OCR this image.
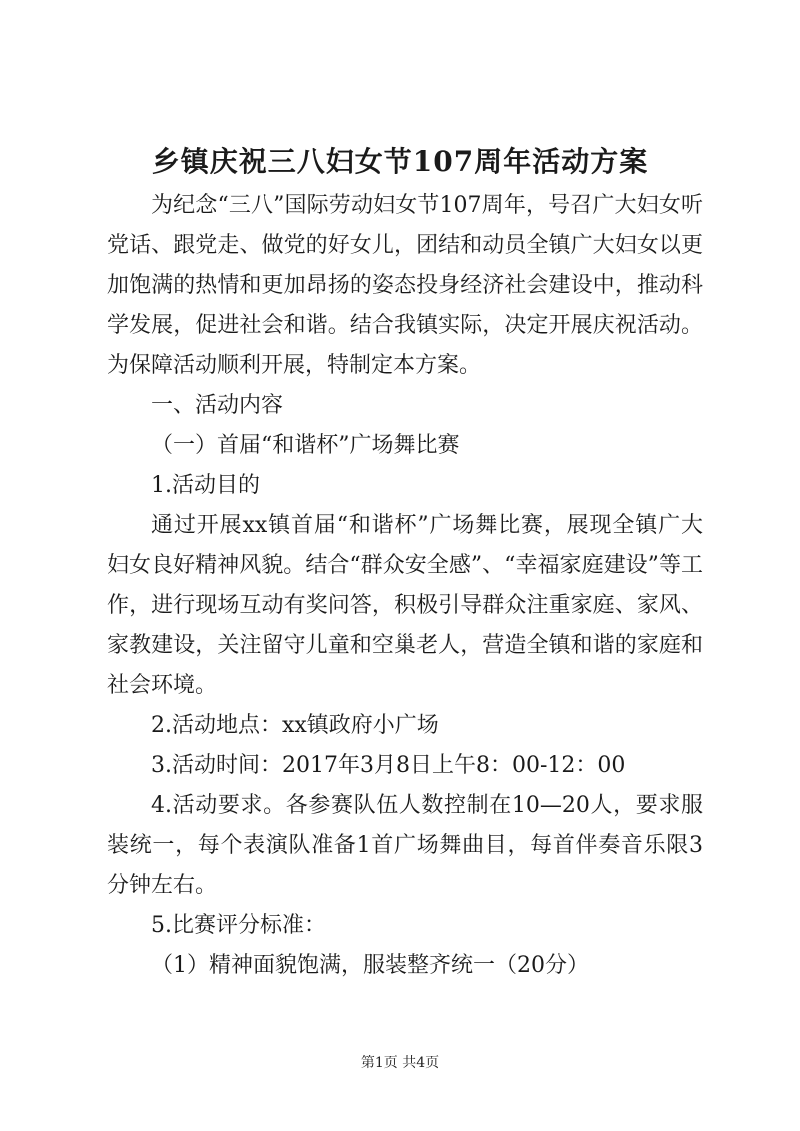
乡镇庆祝三八妇女节107周年活动方案

为纪念“三八”国际劳动妇女节107周年，号召广大妇女听党话、跟党走、做党的好女儿，团结和动员全镇广大妇女以更加饱满的热情和更加昂扬的姿态投身经济社会建设中，推动科学发展，促进社会和谐。结合我镇实际，决定开展庆祝活动。为保障活动顺利开展，特制定本方案。

一、活动内容

（一）首届“和谐杯”广场舞比赛

1.活动目的

通过开展xx镇首届“和谐杯”广场舞比赛，展现全镇广大妇女良好精神风貌。结合“群众安全感”、“幸福家庭建设”等工作，进行现场互动有奖问答，积极引导群众注重家庭、家风、家教建设，关注留守儿童和空巢老人，营造全镇和谐的家庭和社会环境。

2.活动地点：xx镇政府小广场

3.活动时间：2017年3月8日上午8：00-12：00

4.活动要求。各参赛队伍人数控制在10—20人，要求服装统一，每个表演队准备1首广场舞曲目，每首伴奏音乐限3分钟左右。

5.比赛评分标准：

（1）精神面貌饱满，服装整齐统一（20分）

第1页 共4页
